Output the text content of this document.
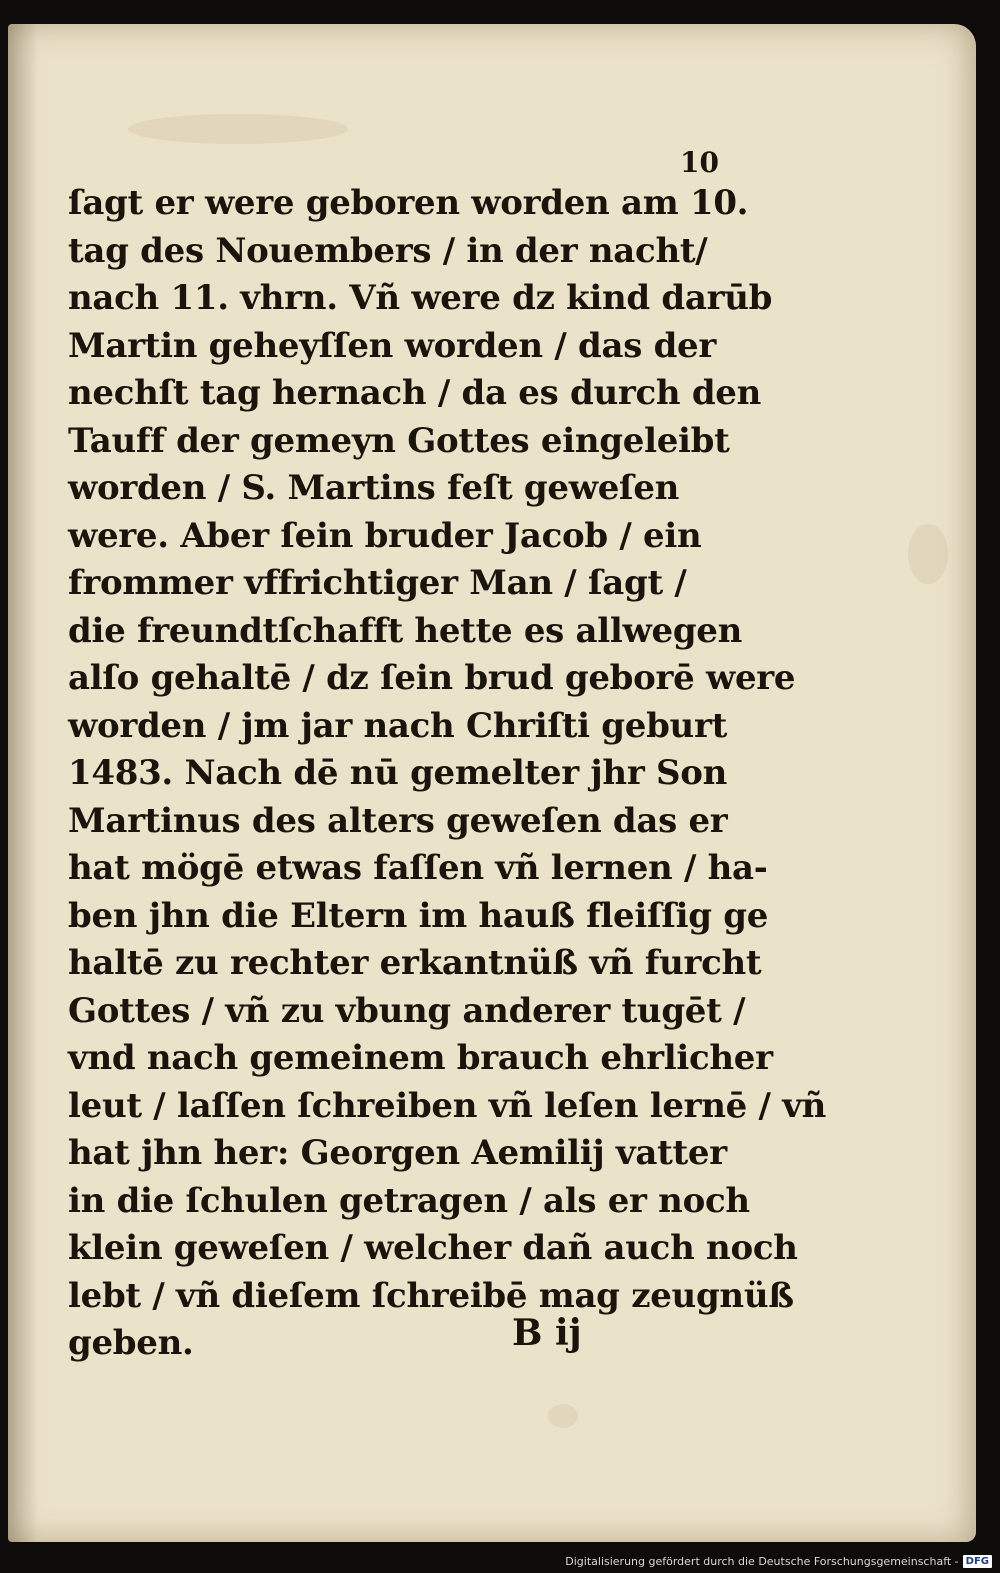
10

ſagt er were geboren worden am 10.
tag des Nouembers / in der nacht/
nach 11. vhrn. Vñ were dz kind darūb
Martin geheyſſen worden / das der
nechſt tag hernach / da es durch den
Tauff der gemeyn Gottes eingeleibt
worden / S. Martins feſt geweſen
were. Aber ſein bruder Jacob / ein
frommer vffrichtiger Man / ſagt /
die freundtſchafft hette es allwegen
alſo gehaltē / dz ſein brud geborē were
worden / jm jar nach Chriſti geburt
1483. Nach dē nū gemelter jhr Son
Martinus des alters geweſen das er
hat mögē etwas faſſen vñ lernen / ha-
ben jhn die Eltern im hauß fleiſſig ge
haltē zu rechter erkantnüß vñ furcht
Gottes / vñ zu vbung anderer tugēt /
vnd nach gemeinem brauch ehrlicher
leut / laſſen ſchreiben vñ leſen lernē / vñ
hat jhn her: Georgen Aemilij vatter
in die ſchulen getragen / als er noch
klein geweſen / welcher dañ auch noch
lebt / vñ dieſem ſchreibē mag zeugnüß
geben.	B ij

Digitalisierung gefördert durch die Deutsche Forschungsgemeinschaft - DFG
